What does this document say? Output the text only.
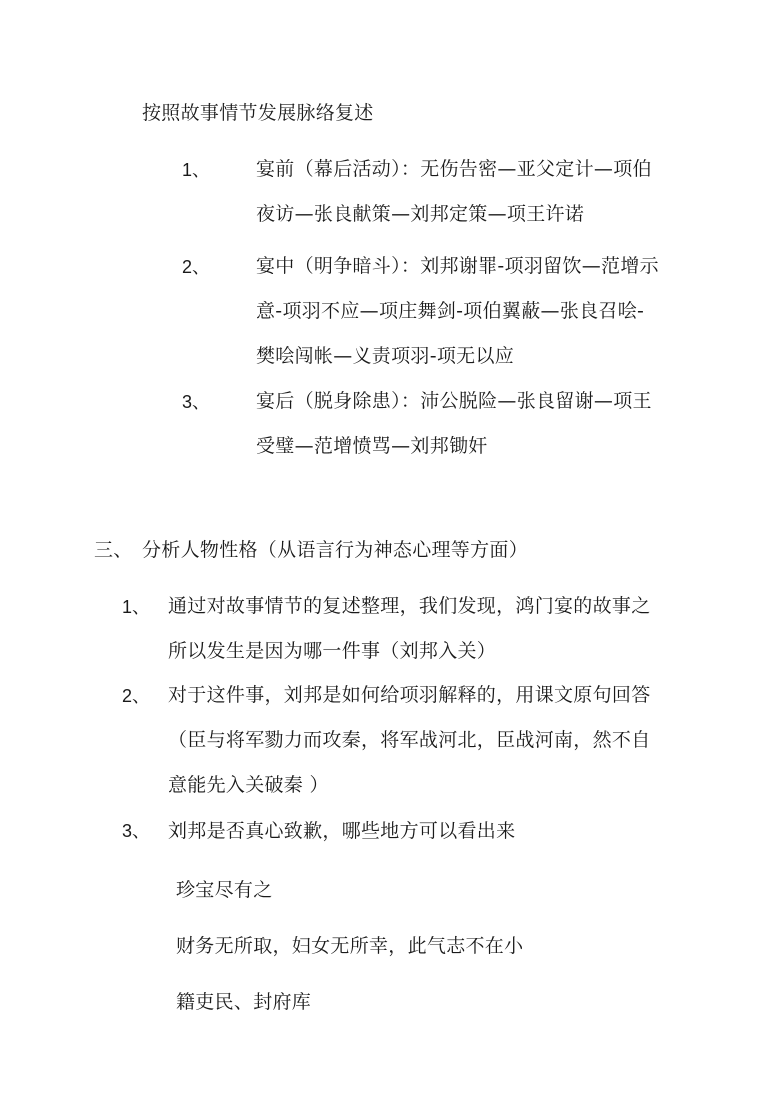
按照故事情节发展脉络复述
1、 宴前（幕后活动）：无伤告密—亚父定计—项伯
夜访—张良献策—刘邦定策—项王许诺
2、 宴中（明争暗斗）：刘邦谢罪-项羽留饮—范增示
意-项羽不应—项庄舞剑-项伯翼蔽—张良召哙-
樊哙闯帐—义责项羽-项无以应
3、 宴后（脱身除患）：沛公脱险—张良留谢—项王
受璧—范增愤骂—刘邦锄奸
三、 分析人物性格（从语言行为神态心理等方面）
1、 通过对故事情节的复述整理，我们发现，鸿门宴的故事之
所以发生是因为哪一件事（刘邦入关）
2、 对于这件事，刘邦是如何给项羽解释的，用课文原句回答
（臣与将军勠力而攻秦，将军战河北，臣战河南，然不自
意能先入关破秦 ）
3、 刘邦是否真心致歉，哪些地方可以看出来
珍宝尽有之
财务无所取，妇女无所幸，此气志不在小
籍吏民、封府库
